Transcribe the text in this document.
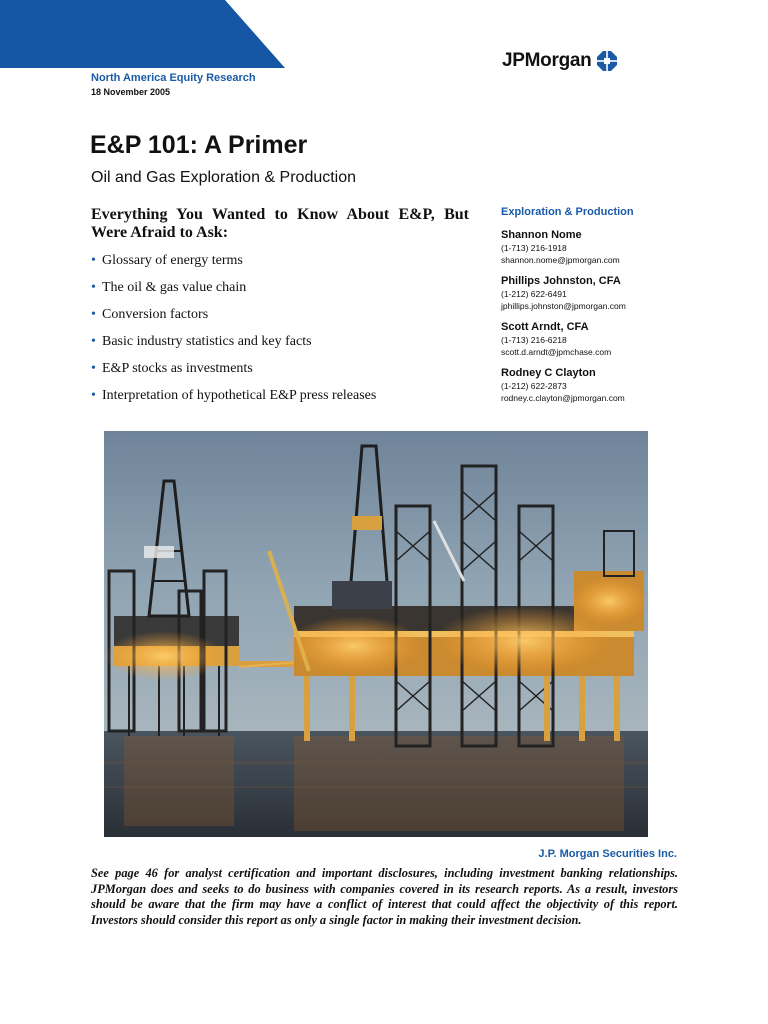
JPMorgan
North America Equity Research
18 November 2005
E&P 101: A Primer
Oil and Gas Exploration & Production
Everything You Wanted to Know About E&P, But Were Afraid to Ask:
• Glossary of energy terms
• The oil & gas value chain
• Conversion factors
• Basic industry statistics and key facts
• E&P stocks as investments
• Interpretation of hypothetical E&P press releases
Exploration & Production
Shannon Nome
(1-713) 216-1918
shannon.nome@jpmorgan.com
Phillips Johnston, CFA
(1-212) 622-6491
jphillips.johnston@jpmorgan.com
Scott Arndt, CFA
(1-713) 216-6218
scott.d.arndt@jpmchase.com
Rodney C Clayton
(1-212) 622-2873
rodney.c.clayton@jpmorgan.com
J.P. Morgan Securities Inc.

See page 46 for analyst certification and important disclosures, including investment banking relationships. JPMorgan does and seeks to do business with companies covered in its research reports. As a result, investors should be aware that the firm may have a conflict of interest that could affect the objectivity of this report. Investors should consider this report as only a single factor in making their investment decision.
